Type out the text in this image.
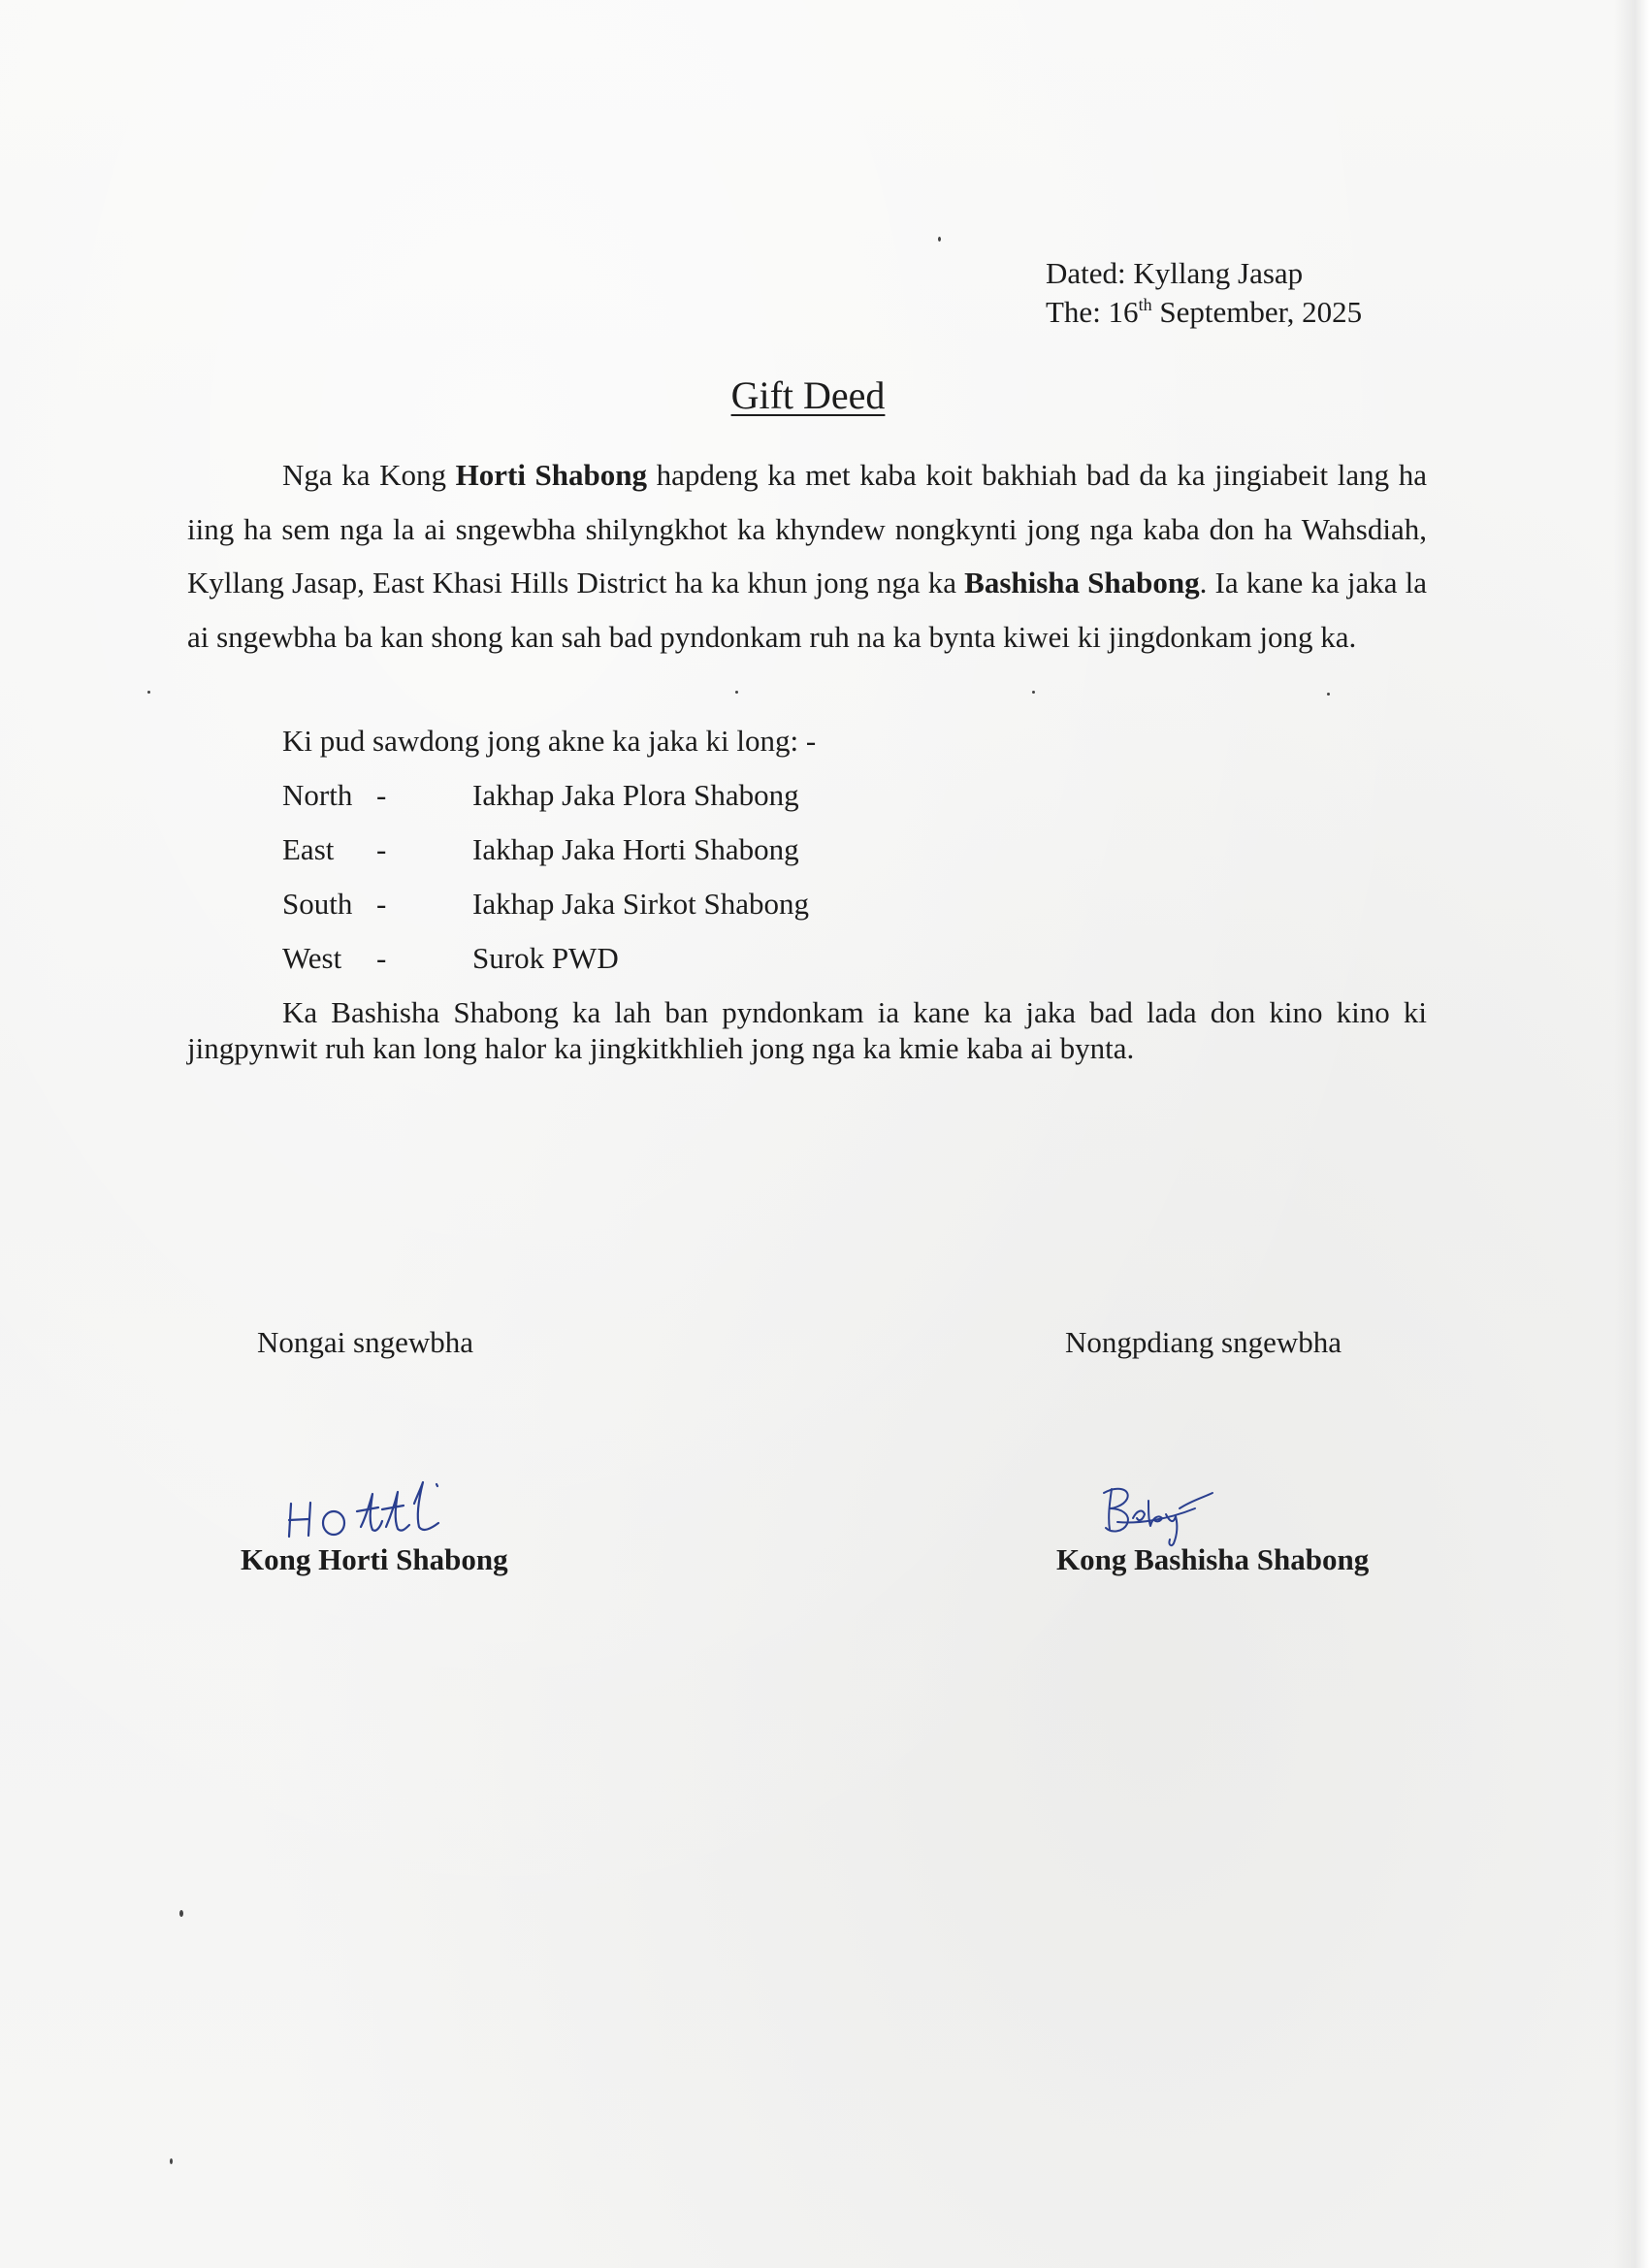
Dated: Kyllang Jasap
The: 16th September, 2025
Gift Deed

Nga ka Kong Horti Shabong hapdeng ka met kaba koit bakhiah bad da ka jingiabeit lang ha iing ha sem nga la ai sngewbha shilyngkhot ka khyndew nongkynti jong nga kaba don ha Wahsdiah, Kyllang Jasap, East Khasi Hills District ha ka khun jong nga ka Bashisha Shabong. Ia kane ka jaka la ai sngewbha ba kan shong kan sah bad pyndonkam ruh na ka bynta kiwei ki jingdonkam jong ka.

Ki pud sawdong jong akne ka jaka ki long: -
North -	Iakhap Jaka Plora Shabong
East -	Iakhap Jaka Horti Shabong
South -	Iakhap Jaka Sirkot Shabong
West -	Surok PWD

Ka Bashisha Shabong ka lah ban pyndonkam ia kane ka jaka bad lada don kino kino ki jingpynwit ruh kan long halor ka jingkitkhlieh jong nga ka kmie kaba ai bynta.

Nongai sngewbha	Nongpdiang sngewbha
Kong Horti Shabong	Kong Bashisha Shabong
